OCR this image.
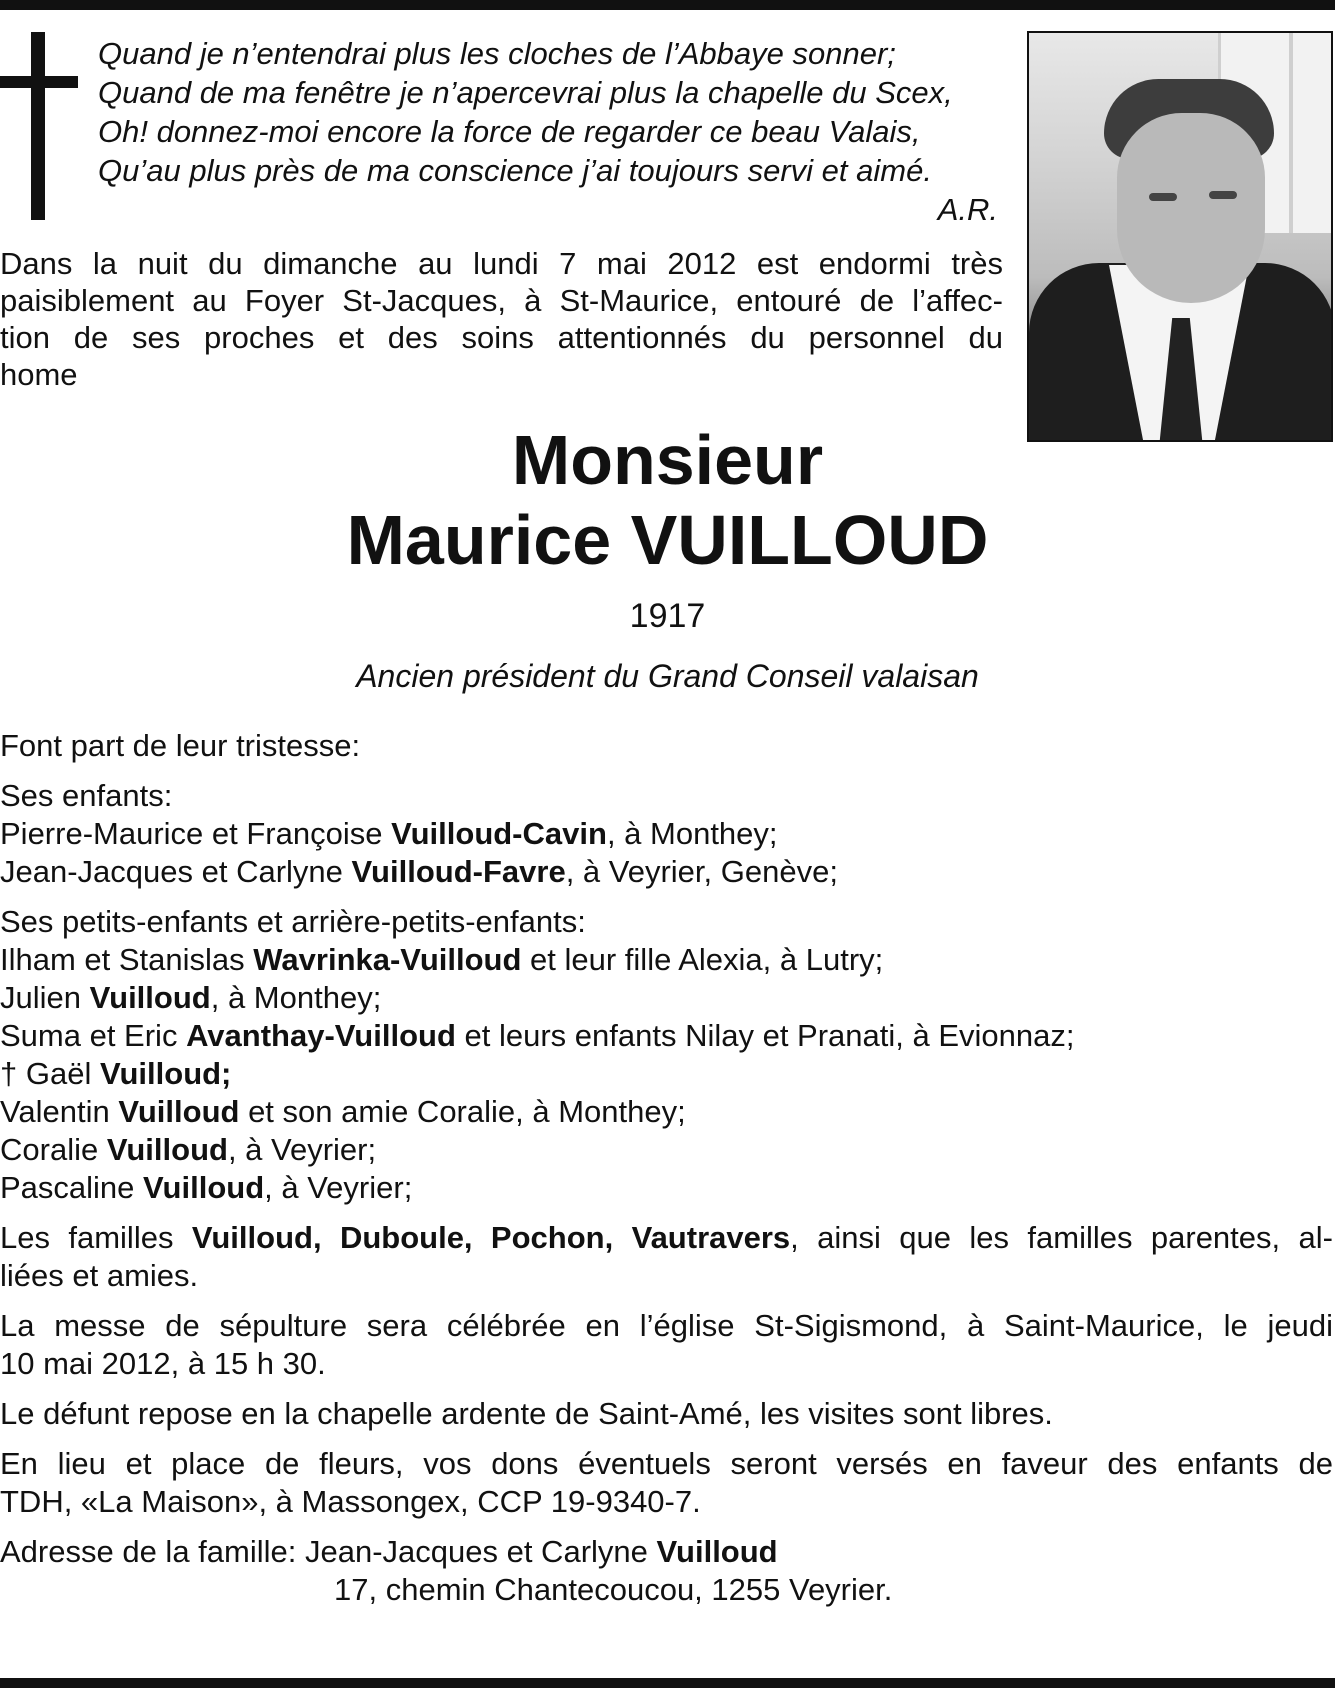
Quand je n’entendrai plus les cloches de l’Abbaye sonner;
Quand de ma fenêtre je n’apercevrai plus la chapelle du Scex,
Oh! donnez-moi encore la force de regarder ce beau Valais,
Qu’au plus près de ma conscience j’ai toujours servi et aimé.
A.R.
Dans la nuit du dimanche au lundi 7 mai 2012 est endormi très
paisiblement au Foyer St-Jacques, à St-Maurice, entouré de l’affec-
tion de ses proches et des soins attentionnés du personnel du
home
Monsieur
Maurice VUILLOUD
1917
Ancien président du Grand Conseil valaisan

Font part de leur tristesse:

Ses enfants:
Pierre-Maurice et Françoise Vuilloud-Cavin, à Monthey;
Jean-Jacques et Carlyne Vuilloud-Favre, à Veyrier, Genève;

Ses petits-enfants et arrière-petits-enfants:
Ilham et Stanislas Wavrinka-Vuilloud et leur fille Alexia, à Lutry;
Julien Vuilloud, à Monthey;
Suma et Eric Avanthay-Vuilloud et leurs enfants Nilay et Pranati, à Evionnaz;
† Gaël Vuilloud;
Valentin Vuilloud et son amie Coralie, à Monthey;
Coralie Vuilloud, à Veyrier;
Pascaline Vuilloud, à Veyrier;

Les familles Vuilloud, Duboule, Pochon, Vautravers, ainsi que les familles parentes, al-
liées et amies.

La messe de sépulture sera célébrée en l’église St-Sigismond, à Saint-Maurice, le jeudi
10 mai 2012, à 15 h 30.

Le défunt repose en la chapelle ardente de Saint-Amé, les visites sont libres.

En lieu et place de fleurs, vos dons éventuels seront versés en faveur des enfants de
TDH, «La Maison», à Massongex, CCP 19-9340-7.

Adresse de la famille: Jean-Jacques et Carlyne Vuilloud
17, chemin Chantecoucou, 1255 Veyrier.
